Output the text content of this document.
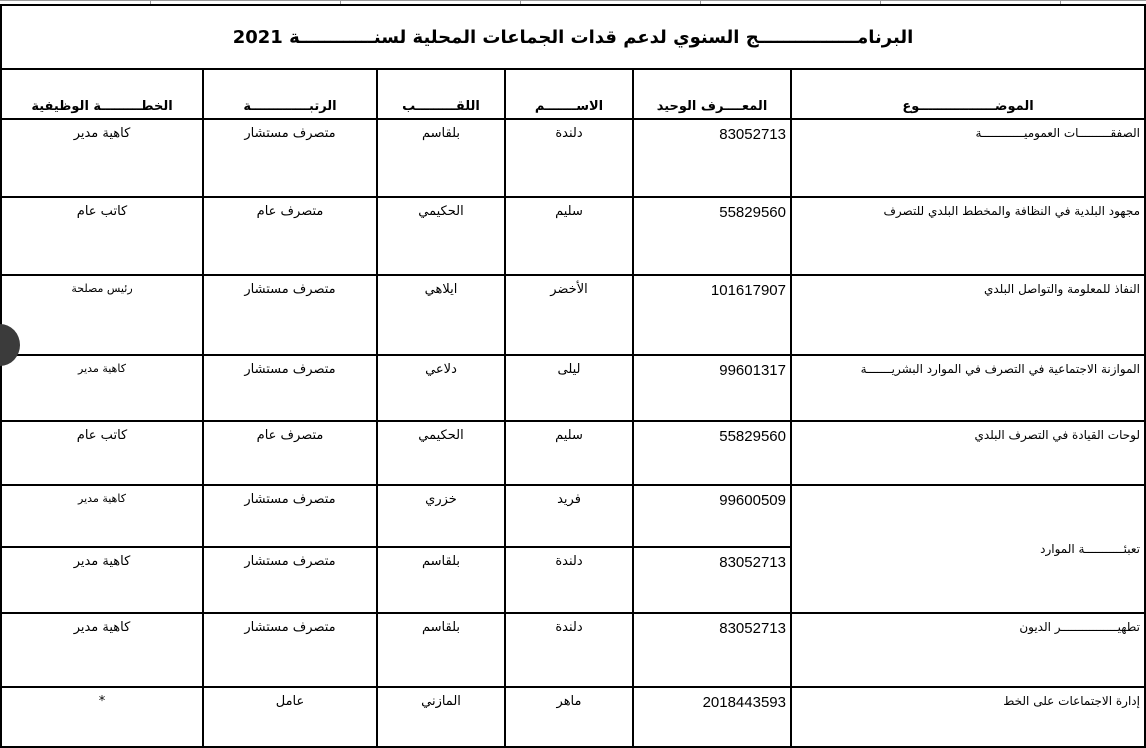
البرنامــــــــــــــــج السنوي لدعم قدات الجماعات المحلية لسنــــــــــــة 2021
الموضـــــــــــــــــوع	المعــــرف الوحيد	الاســـــــم	اللقـــــــــب	الرتبـــــــــــــة	الخطـــــــــة الوظيفية
الصفقـــــــــات العموميــــــــــــة	83052713	دلندة	بلقاسم	متصرف مستشار	كاهية مدير
مجهود البلدية في النظافة والمخطط البلدي للتصرف	55829560	سليم	الحكيمي	متصرف عام	كاتب عام
النفاذ للمعلومة والتواصل البلدي	101617907	الأخضر	ايلاهي	متصرف مستشار	رئيس مصلحة
الموازنة الاجتماعية في التصرف في الموارد البشريـــــــة	99601317	ليلى	دلاعي	متصرف مستشار	كاهية مدير
لوحات القيادة في التصرف البلدي	55829560	سليم	الحكيمي	متصرف عام	كاتب عام
تعبئـــــــــــة الموارد	99600509	فريد	خزري	متصرف مستشار	كاهية مدير
	83052713	دلندة	بلقاسم	متصرف مستشار	كاهية مدير
تطهيــــــــــــــــر الديون	83052713	دلندة	بلقاسم	متصرف مستشار	كاهية مدير
إدارة الاجتماعات على الخط	2018443593	ماهر	المازني	عامل	*
